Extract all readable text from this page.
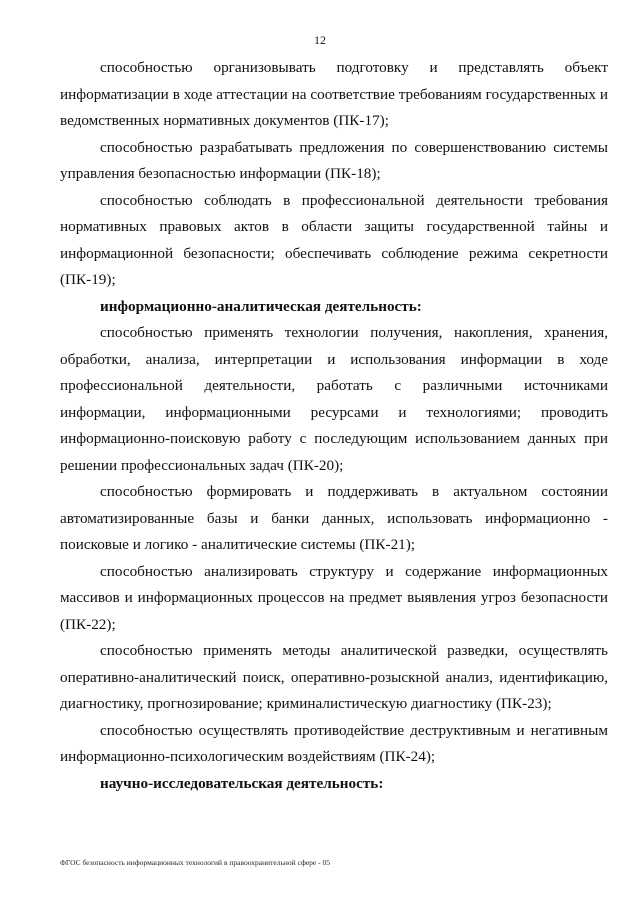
12

способностью организовывать подготовку и представлять объект информатизации в ходе аттестации на соответствие требованиям государственных и ведомственных нормативных документов (ПК-17);

способностью разрабатывать предложения по совершенствованию системы управления безопасностью информации (ПК-18);

способностью соблюдать в профессиональной деятельности требования нормативных правовых актов в области защиты государственной тайны и информационной безопасности; обеспечивать соблюдение режима секретности (ПК-19);

информационно-аналитическая деятельность:

способностью применять технологии получения, накопления, хранения, обработки, анализа, интерпретации и использования информации в ходе профессиональной деятельности, работать с различными источниками информации, информационными ресурсами и технологиями; проводить информационно-поисковую работу с последующим использованием данных при решении профессиональных задач (ПК-20);

способностью формировать и поддерживать в актуальном состоянии автоматизированные базы и банки данных, использовать информационно - поисковые и логико - аналитические системы (ПК-21);

способностью анализировать структуру и содержание информационных массивов и информационных процессов на предмет выявления угроз безопасности (ПК-22);

способностью применять методы аналитической разведки, осуществлять оперативно-аналитический поиск, оперативно-розыскной анализ, идентификацию, диагностику, прогнозирование; криминалистическую диагностику (ПК-23);

способностью осуществлять противодействие деструктивным и негативным информационно-психологическим воздействиям (ПК-24);

научно-исследовательская деятельность:

ФГОС безопасность информационных технологий в правоохранительной сфере - 05
